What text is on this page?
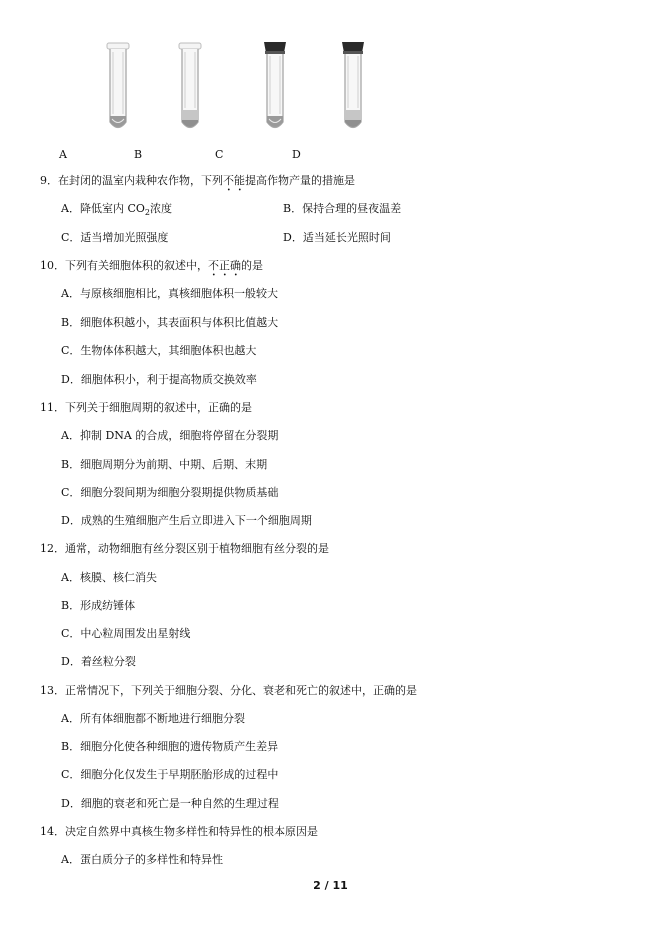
A	B	C	D
9．在封闭的温室内栽种农作物，下列不能提高作物产量的措施是
A．降低室内 $CO_2$浓度	B．保持合理的昼夜温差
C．适当增加光照强度	D．适当延长光照时间
10．下列有关细胞体积的叙述中，不正确的是
A．与原核细胞相比，真核细胞体积一般较大
B．细胞体积越小，其表面积与体积比值越大
C．生物体体积越大，其细胞体积也越大
D．细胞体积小，利于提高物质交换效率
11．下列关于细胞周期的叙述中，正确的是
A．抑制 DNA 的合成，细胞将停留在分裂期
B．细胞周期分为前期、中期、后期、末期
C．细胞分裂间期为细胞分裂期提供物质基础
D．成熟的生殖细胞产生后立即进入下一个细胞周期
12．通常，动物细胞有丝分裂区别于植物细胞有丝分裂的是
A．核膜、核仁消失
B．形成纺锤体
C．中心粒周围发出星射线
D．着丝粒分裂
13．正常情况下，下列关于细胞分裂、分化、衰老和死亡的叙述中，正确的是
A．所有体细胞都不断地进行细胞分裂
B．细胞分化使各种细胞的遗传物质产生差异
C．细胞分化仅发生于早期胚胎形成的过程中
D．细胞的衰老和死亡是一种自然的生理过程
14．决定自然界中真核生物多样性和特异性的根本原因是
A．蛋白质分子的多样性和特异性
2 / 11
